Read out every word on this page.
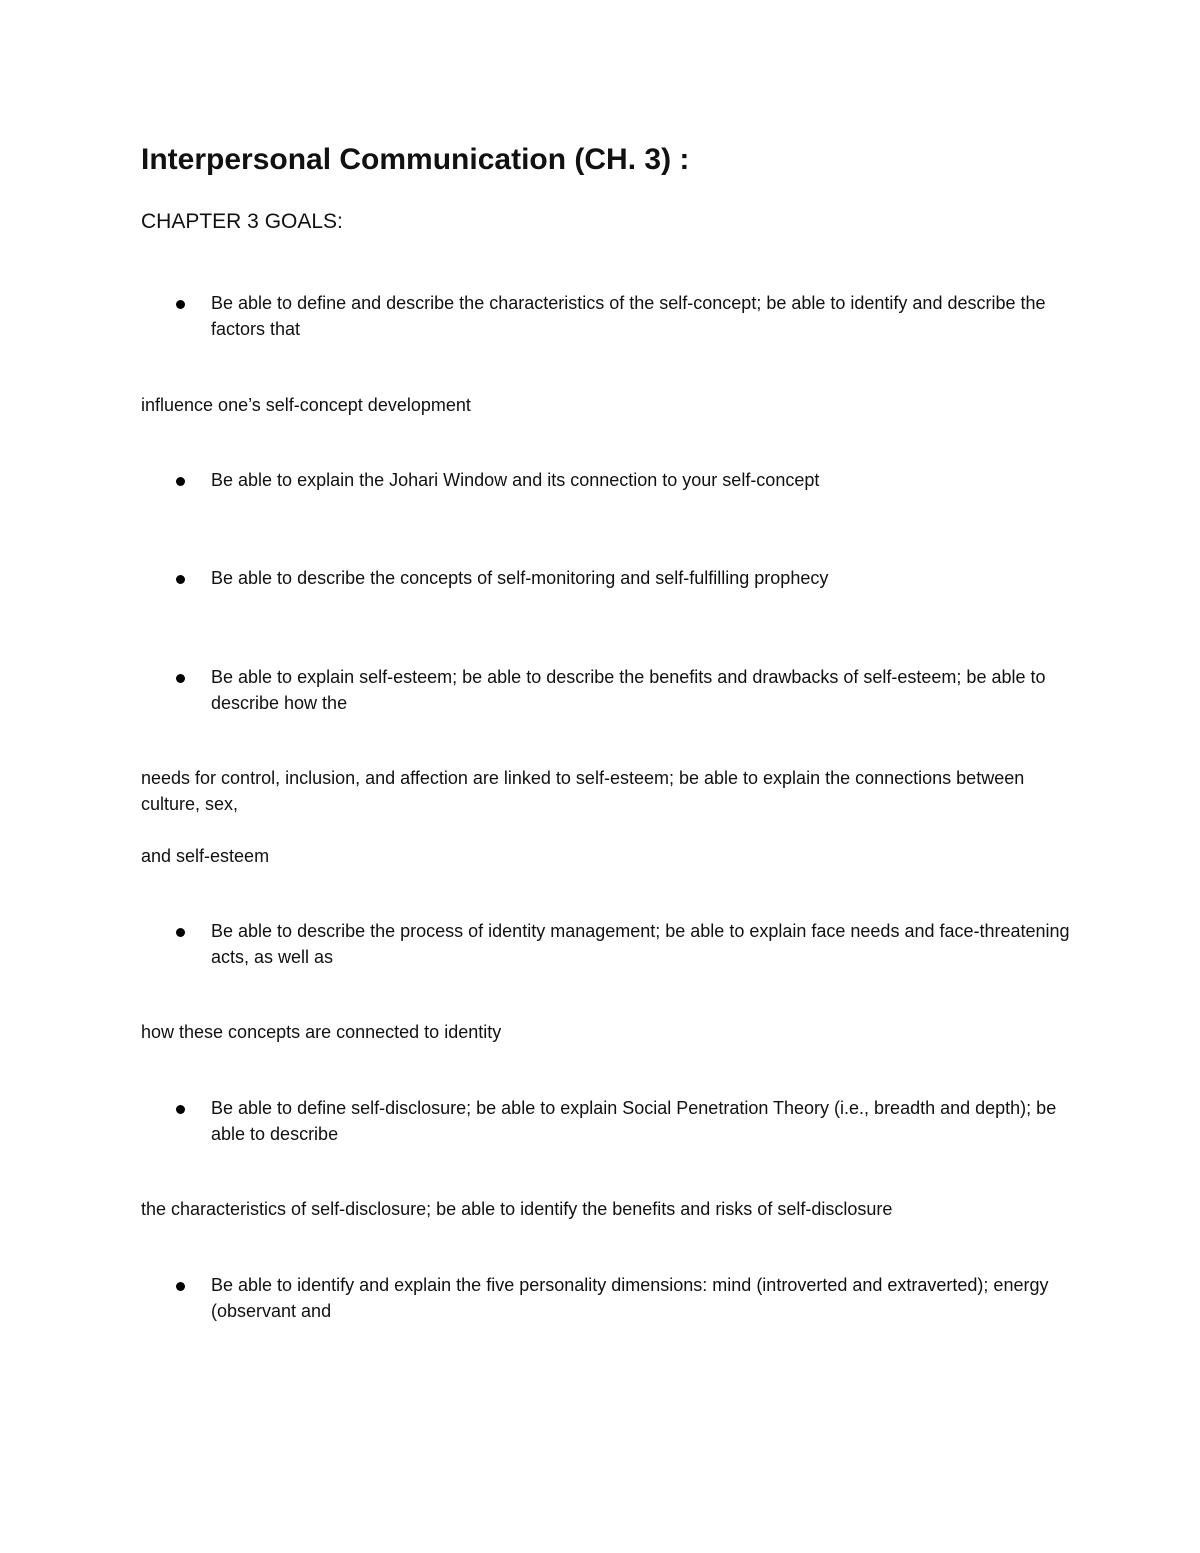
Interpersonal Communication (CH. 3) :
CHAPTER 3 GOALS:
Be able to define and describe the characteristics of the self-concept; be able to identify and describe the factors that

influence one’s self-concept development

Be able to explain the Johari Window and its connection to your self-concept
Be able to describe the concepts of self-monitoring and self-fulfilling prophecy
Be able to explain self-esteem; be able to describe the benefits and drawbacks of self-esteem; be able to describe how the

needs for control, inclusion, and affection are linked to self-esteem; be able to explain the connections between culture, sex,

and self-esteem

Be able to describe the process of identity management; be able to explain face needs and face-threatening acts, as well as

how these concepts are connected to identity

Be able to define self-disclosure; be able to explain Social Penetration Theory (i.e., breadth and depth); be able to describe

the characteristics of self-disclosure; be able to identify the benefits and risks of self-disclosure

Be able to identify and explain the five personality dimensions: mind (introverted and extraverted); energy (observant and
